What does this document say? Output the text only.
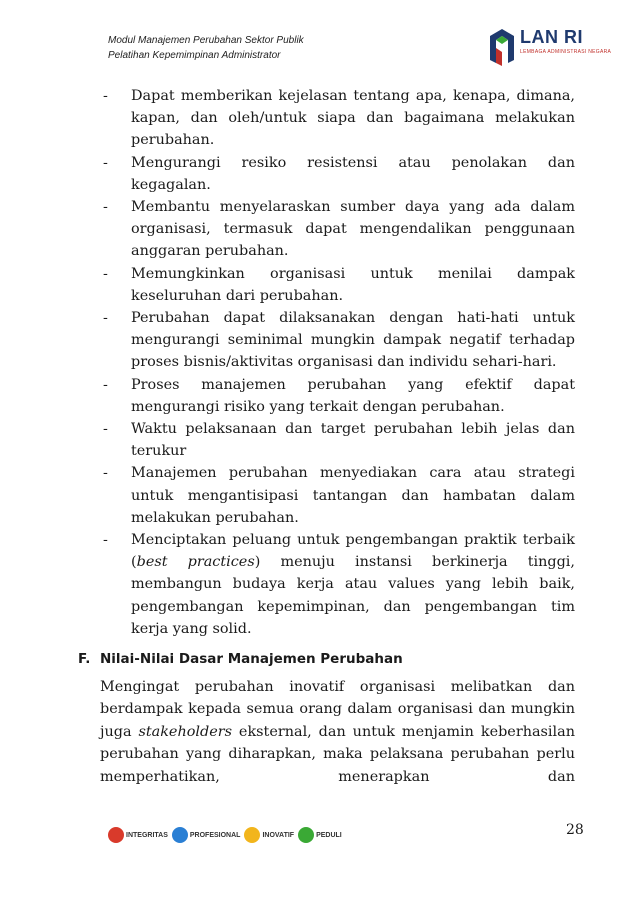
Modul Manajemen Perubahan Sektor Publik
Pelatihan Kepemimpinan Administrator
LAN RI
LEMBAGA ADMINISTRASI NEGARA
- Dapat memberikan kejelasan tentang apa, kenapa, dimana, kapan, dan oleh/untuk siapa dan bagaimana melakukan perubahan.
- Mengurangi resiko resistensi atau penolakan dan kegagalan.
- Membantu menyelaraskan sumber daya yang ada dalam organisasi, termasuk dapat mengendalikan penggunaan anggaran perubahan.
- Memungkinkan organisasi untuk menilai dampak keseluruhan dari perubahan.
- Perubahan dapat dilaksanakan dengan hati-hati untuk mengurangi seminimal mungkin dampak negatif terhadap proses bisnis/aktivitas organisasi dan individu sehari-hari.
- Proses manajemen perubahan yang efektif dapat mengurangi risiko yang terkait dengan perubahan.
- Waktu pelaksanaan dan target perubahan lebih jelas dan terukur
- Manajemen perubahan menyediakan cara atau strategi untuk mengantisipasi tantangan dan hambatan dalam melakukan perubahan.
- Menciptakan peluang untuk pengembangan praktik terbaik (best practices) menuju instansi berkinerja tinggi, membangun budaya kerja atau values yang lebih baik, pengembangan kepemimpinan, dan pengembangan tim kerja yang solid.
F. Nilai-Nilai Dasar Manajemen Perubahan

Mengingat perubahan inovatif organisasi melibatkan dan berdampak kepada semua orang dalam organisasi dan mungkin juga stakeholders eksternal, dan untuk menjamin keberhasilan perubahan yang diharapkan, maka pelaksana perubahan perlu memperhatikan, menerapkan dan

INTEGRITAS	PROFESIONAL	INOVATIF	PEDULI	28
